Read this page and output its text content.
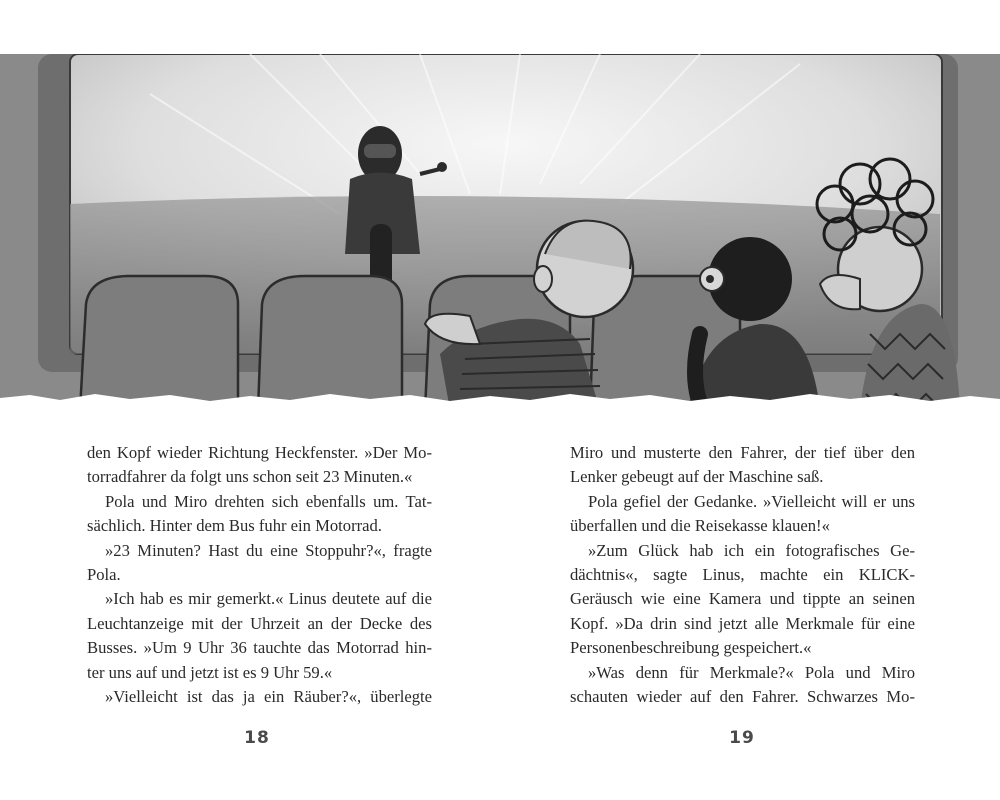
den Kopf wieder Richtung Heckfenster. »Der Mo-
torradfahrer da folgt uns schon seit 23 Minuten.«
Pola und Miro drehten sich ebenfalls um. Tat-
sächlich. Hinter dem Bus fuhr ein Motorrad.
»23 Minuten? Hast du eine Stoppuhr?«, fragte
Pola.
»Ich hab es mir gemerkt.« Linus deutete auf die
Leuchtanzeige mit der Uhrzeit an der Decke des
Busses. »Um 9 Uhr 36 tauchte das Motorrad hin-
ter uns auf und jetzt ist es 9 Uhr 59.«
»Vielleicht ist das ja ein Räuber?«, überlegte
Miro und musterte den Fahrer, der tief über den
Lenker gebeugt auf der Maschine saß.
Pola gefiel der Gedanke. »Vielleicht will er uns
überfallen und die Reisekasse klauen!«
»Zum Glück hab ich ein fotografisches Ge-
dächtnis«, sagte Linus, machte ein KLICK-
Geräusch wie eine Kamera und tippte an seinen
Kopf. »Da drin sind jetzt alle Merkmale für eine
Personenbeschreibung gespeichert.«
»Was denn für Merkmale?« Pola und Miro
schauten wieder auf den Fahrer. Schwarzes Mo-
18	19
